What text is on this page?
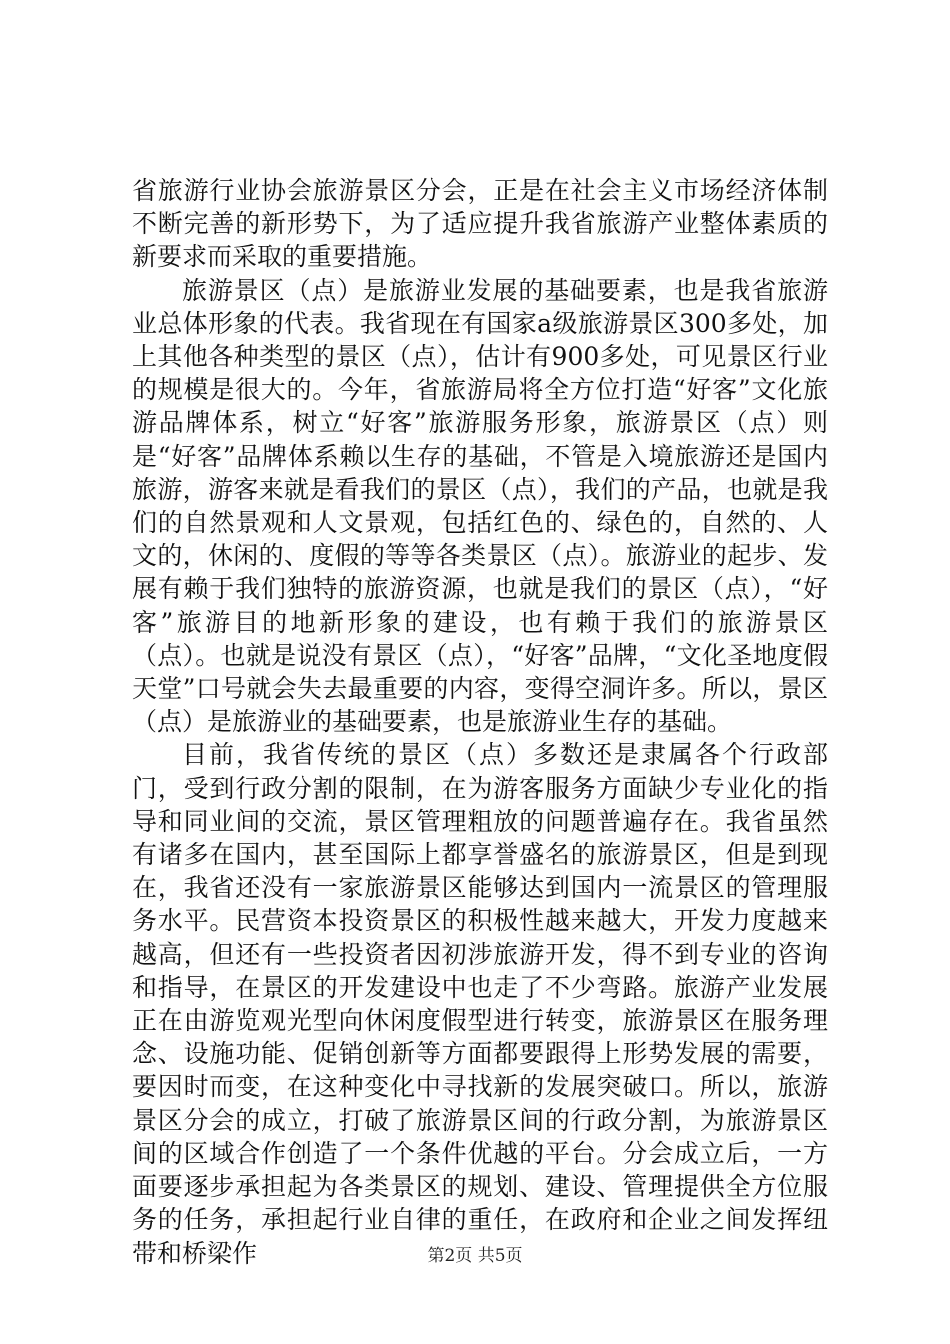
省旅游行业协会旅游景区分会，正是在社会主义市场经济体制不断完善的新形势下，为了适应提升我省旅游产业整体素质的新要求而采取的重要措施。

旅游景区（点）是旅游业发展的基础要素，也是我省旅游业总体形象的代表。我省现在有国家a级旅游景区300多处，加上其他各种类型的景区（点），估计有900多处，可见景区行业的规模是很大的。今年，省旅游局将全方位打造“好客”文化旅游品牌体系，树立“好客”旅游服务形象，旅游景区（点）则是“好客”品牌体系赖以生存的基础，不管是入境旅游还是国内旅游，游客来就是看我们的景区（点），我们的产品，也就是我们的自然景观和人文景观，包括红色的、绿色的，自然的、人文的，休闲的、度假的等等各类景区（点）。旅游业的起步、发展有赖于我们独特的旅游资源，也就是我们的景区（点），“好客”旅游目的地新形象的建设，也有赖于我们的旅游景区（点）。也就是说没有景区（点），“好客”品牌，“文化圣地度假天堂”口号就会失去最重要的内容，变得空洞许多。所以，景区（点）是旅游业的基础要素，也是旅游业生存的基础。

目前，我省传统的景区（点）多数还是隶属各个行政部门，受到行政分割的限制，在为游客服务方面缺少专业化的指导和同业间的交流，景区管理粗放的问题普遍存在。我省虽然有诸多在国内，甚至国际上都享誉盛名的旅游景区，但是到现在，我省还没有一家旅游景区能够达到国内一流景区的管理服务水平。民营资本投资景区的积极性越来越大，开发力度越来越高，但还有一些投资者因初涉旅游开发，得不到专业的咨询和指导，在景区的开发建设中也走了不少弯路。旅游产业发展正在由游览观光型向休闲度假型进行转变，旅游景区在服务理念、设施功能、促销创新等方面都要跟得上形势发展的需要，要因时而变，在这种变化中寻找新的发展突破口。所以，旅游景区分会的成立，打破了旅游景区间的行政分割，为旅游景区间的区域合作创造了一个条件优越的平台。分会成立后，一方面要逐步承担起为各类景区的规划、建设、管理提供全方位服务的任务，承担起行业自律的重任，在政府和企业之间发挥纽带和桥梁作	第2页 共5页
